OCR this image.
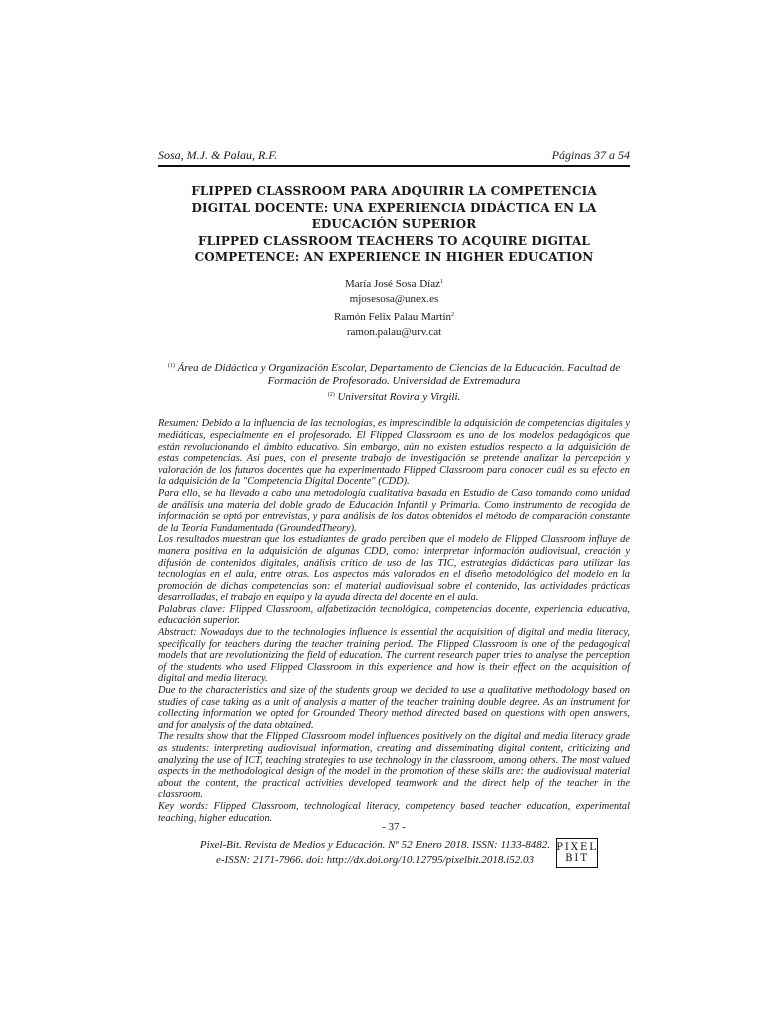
Sosa, M.J. & Palau, R.F.	Páginas 37 a 54
FLIPPED CLASSROOM PARA ADQUIRIR LA COMPETENCIA
DIGITAL DOCENTE: UNA EXPERIENCIA DIDÁCTICA EN LA
EDUCACIÓN SUPERIOR
FLIPPED CLASSROOM TEACHERS TO ACQUIRE DIGITAL
COMPETENCE: AN EXPERIENCE IN HIGHER EDUCATION
María José Sosa Díaz$^1$
mjosesosa@unex.es
Ramón Felix Palau Martín$^2$
ramon.palau@urv.cat
$^{(1)}$ Área de Didáctica y Organización Escolar, Departamento de Ciencias de la Educación. Facultad de Formación de Profesorado. Universidad de Extremadura
$^{(2)}$ Universitat Rovira y Virgili.

Resumen: Debido a la influencia de las tecnologías, es imprescindible la adquisición de competencias digitales y mediáticas, especialmente en el profesorado. El Flipped Classroom es uno de los modelos pedagógicos que están revolucionando el ámbito educativo. Sin embargo, aún no existen estudios respecto a la adquisición de estas competencias. Así pues, con el presente trabajo de investigación se pretende analizar la percepción y valoración de los futuros docentes que ha experimentado Flipped Classroom para conocer cuál es su efecto en la adquisición de la "Competencia Digital Docente" (CDD).

Para ello, se ha llevado a cabo una metodología cualitativa basada en Estudio de Caso tomando como unidad de análisis una materia del doble grado de Educación Infantil y Primaria. Como instrumento de recogida de información se optó por entrevistas, y para análisis de los datos obtenidos el método de comparación constante de la Teoría Fundamentada (GroundedTheory).

Los resultados muestran que los estudiantes de grado perciben que el modelo de Flipped Classroom influye de manera positiva en la adquisición de algunas CDD, como: interpretar información audiovisual, creación y difusión de contenidos digitales, análisis crítico de uso de las TIC, estrategias didácticas para utilizar las tecnologías en el aula, entre otras. Los aspectos más valorados en el diseño metodológico del modelo en la promoción de dichas competencias son: el material audiovisual sobre el contenido, las actividades prácticas desarrolladas, el trabajo en equipo y la ayuda directa del docente en el aula.

Palabras clave: Flipped Classroom, alfabetización tecnológica, competencias docente, experiencia educativa, educación superior.

Abstract: Nowadays due to the technologies influence is essential the acquisition of digital and media literacy, specifically for teachers during the teacher training period. The Flipped Classroom is one of the pedagogical models that are revolutionizing the field of education. The current research paper tries to analyse the perception of the students who used Flipped Classroom in this experience and how is their effect on the acquisition of digital and media literacy.

Due to the characteristics and size of the students group we decided to use a qualitative methodology based on studies of case taking as a unit of analysis a matter of the teacher training double degree. As an instrument for collecting information we opted for Grounded Theory method directed based on questions with open answers, and for analysis of the data obtained.

The results show that the Flipped Classroom model influences positively on the digital and media literacy grade as students: interpreting audiovisual information, creating and disseminating digital content, criticizing and analyzing the use of ICT, teaching strategies to use technology in the classroom, among others. The most valued aspects in the methodological design of the model in the promotion of these skills are: the audiovisual material about the content, the practical activities developed teamwork and the direct help of the teacher in the classroom.

Key words: Flipped Classroom, technological literacy, competency based teacher education, experimental teaching, higher education.

- 37 -
Pixel-Bit. Revista de Medios y Educación. Nº 52 Enero 2018. ISSN: 1133-8482.
e-ISSN: 2171-7966. doi: http://dx.doi.org/10.12795/pixelbit.2018.i52.03
PIXEL
BIT
